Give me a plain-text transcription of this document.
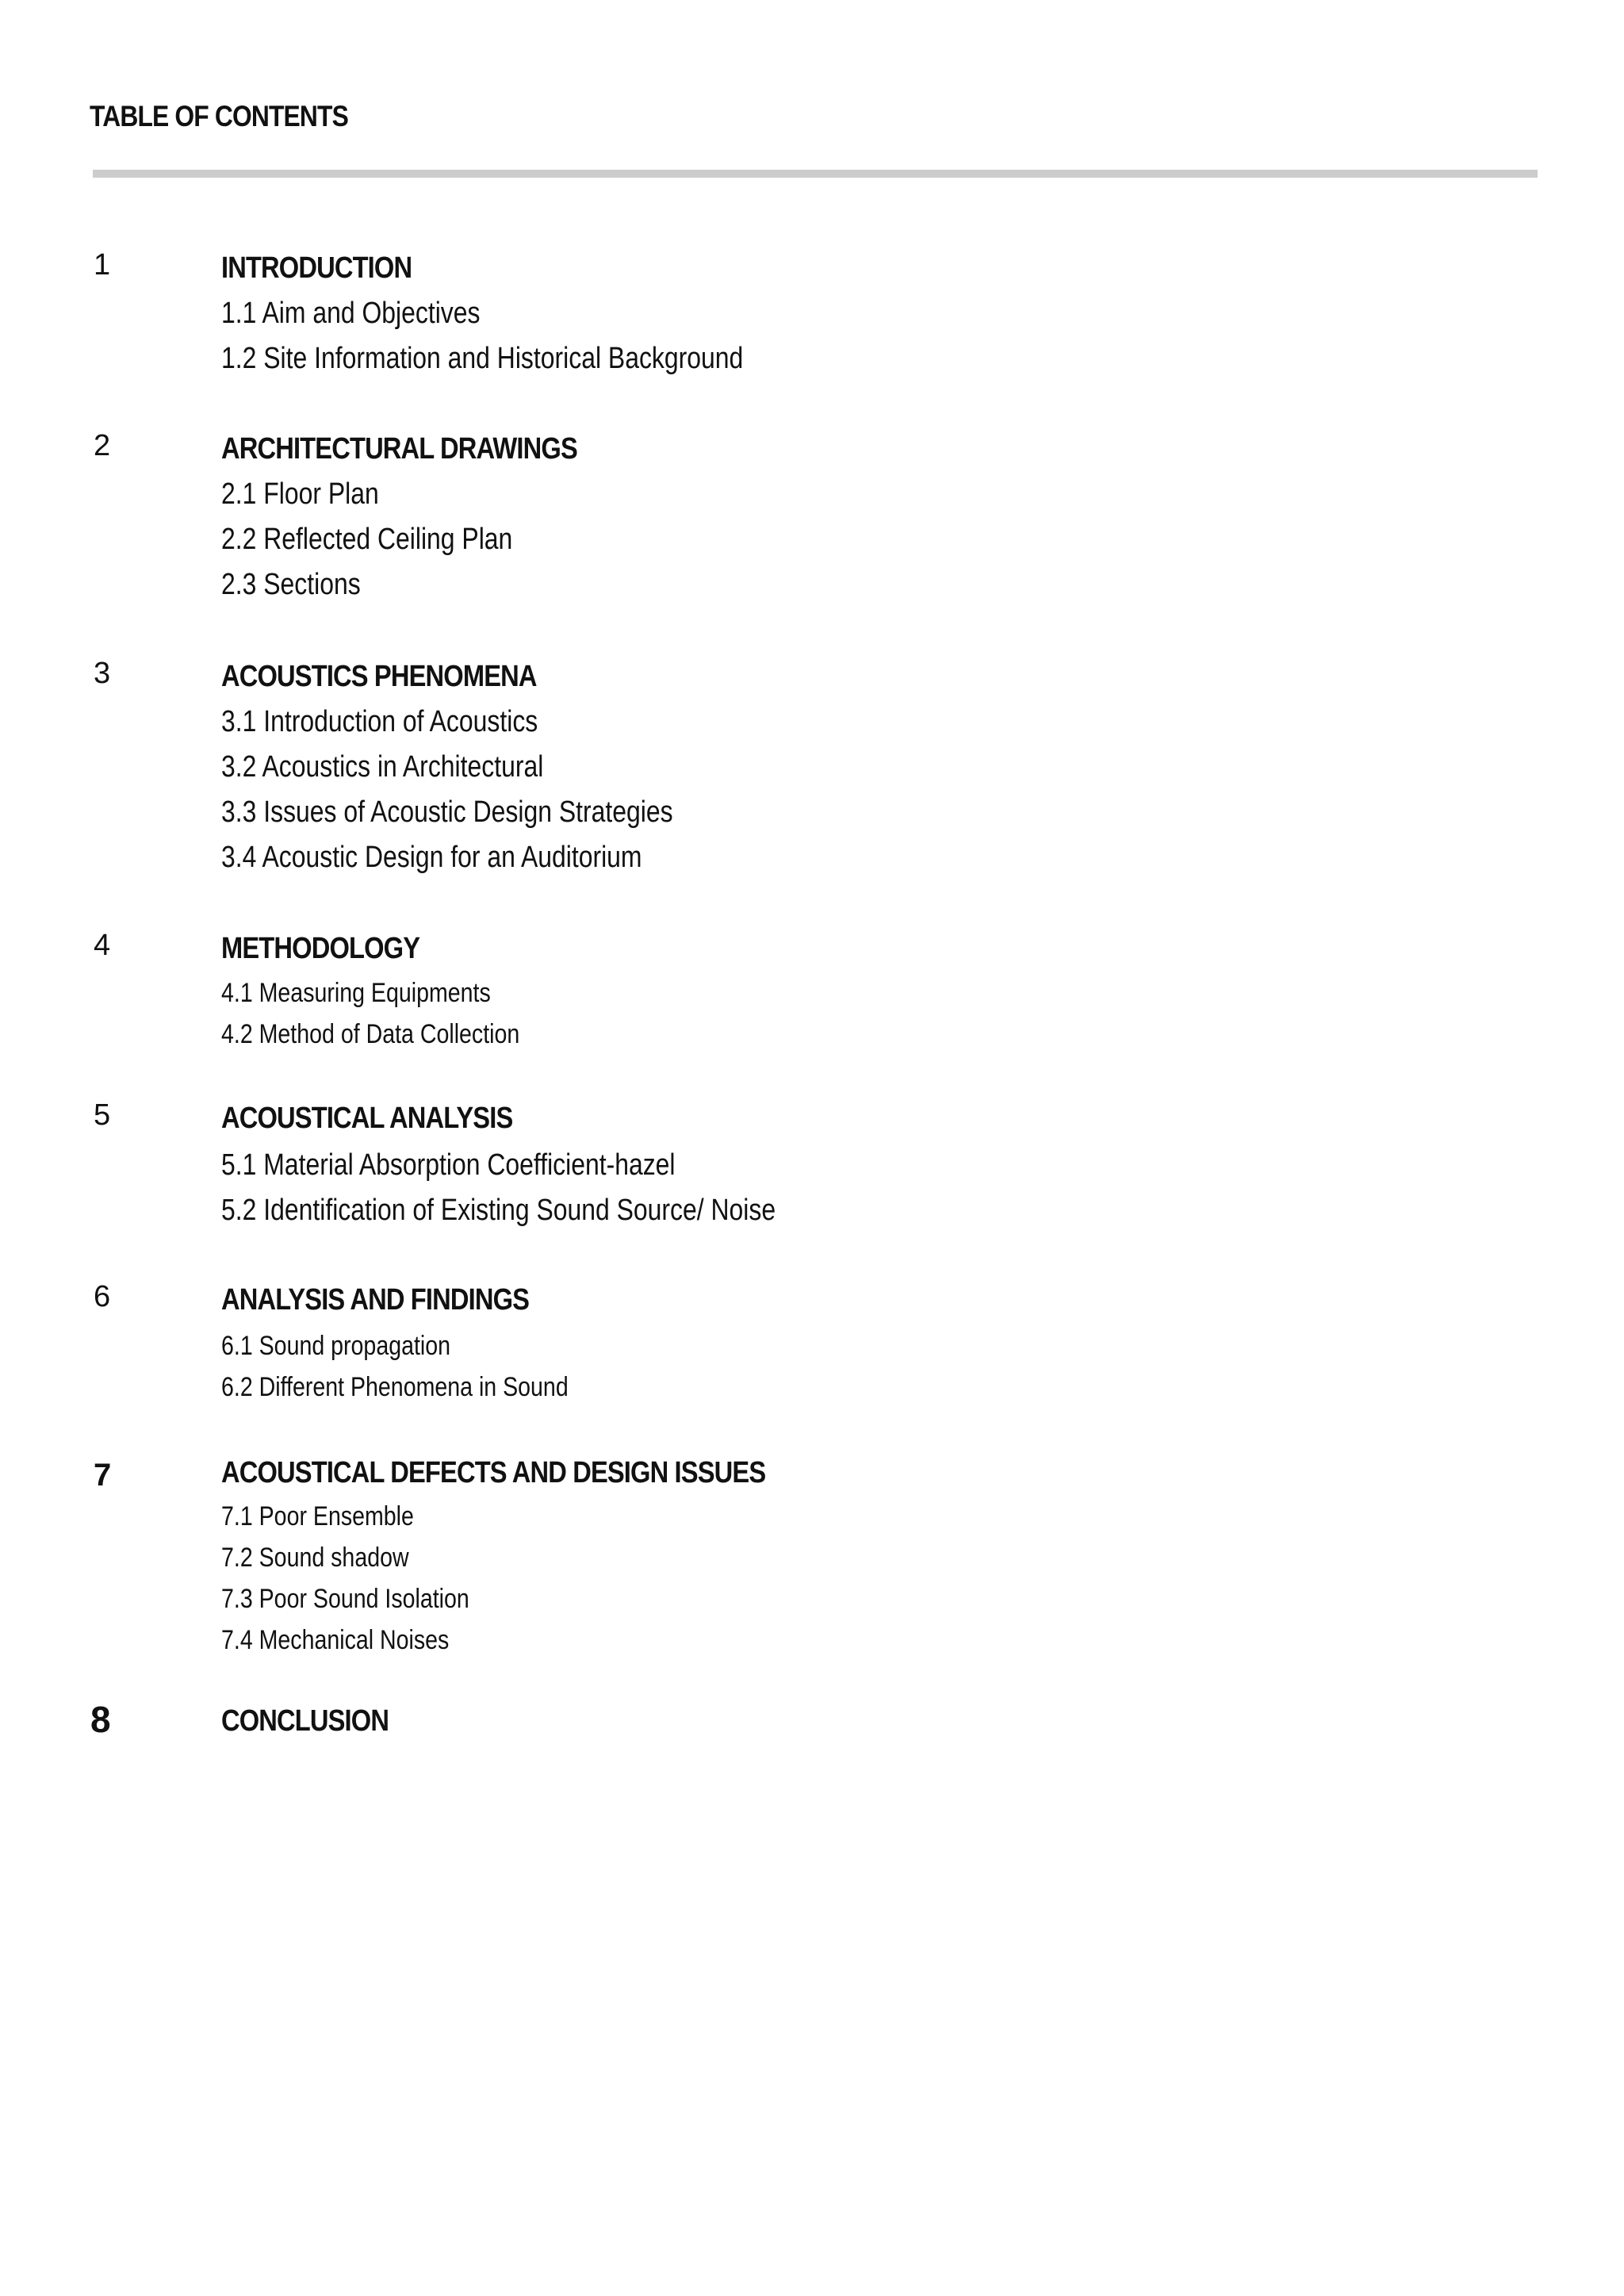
TABLE OF CONTENTS
1	INTRODUCTION
1.1 Aim and Objectives
1.2 Site Information and Historical Background
2	ARCHITECTURAL DRAWINGS
2.1 Floor Plan
2.2 Reflected Ceiling Plan
2.3 Sections
3	ACOUSTICS PHENOMENA
3.1 Introduction of Acoustics
3.2 Acoustics in Architectural
3.3 Issues of Acoustic Design Strategies
3.4 Acoustic Design for an Auditorium
4	METHODOLOGY
4.1 Measuring Equipments
4.2 Method of Data Collection
5	ACOUSTICAL ANALYSIS
5.1 Material Absorption Coefficient-hazel
5.2 Identification of Existing Sound Source/ Noise
6	ANALYSIS AND FINDINGS
6.1 Sound propagation
6.2 Different Phenomena in Sound
7	ACOUSTICAL DEFECTS AND DESIGN ISSUES
7.1 Poor Ensemble
7.2 Sound shadow
7.3 Poor Sound Isolation
7.4 Mechanical Noises
8	CONCLUSION
